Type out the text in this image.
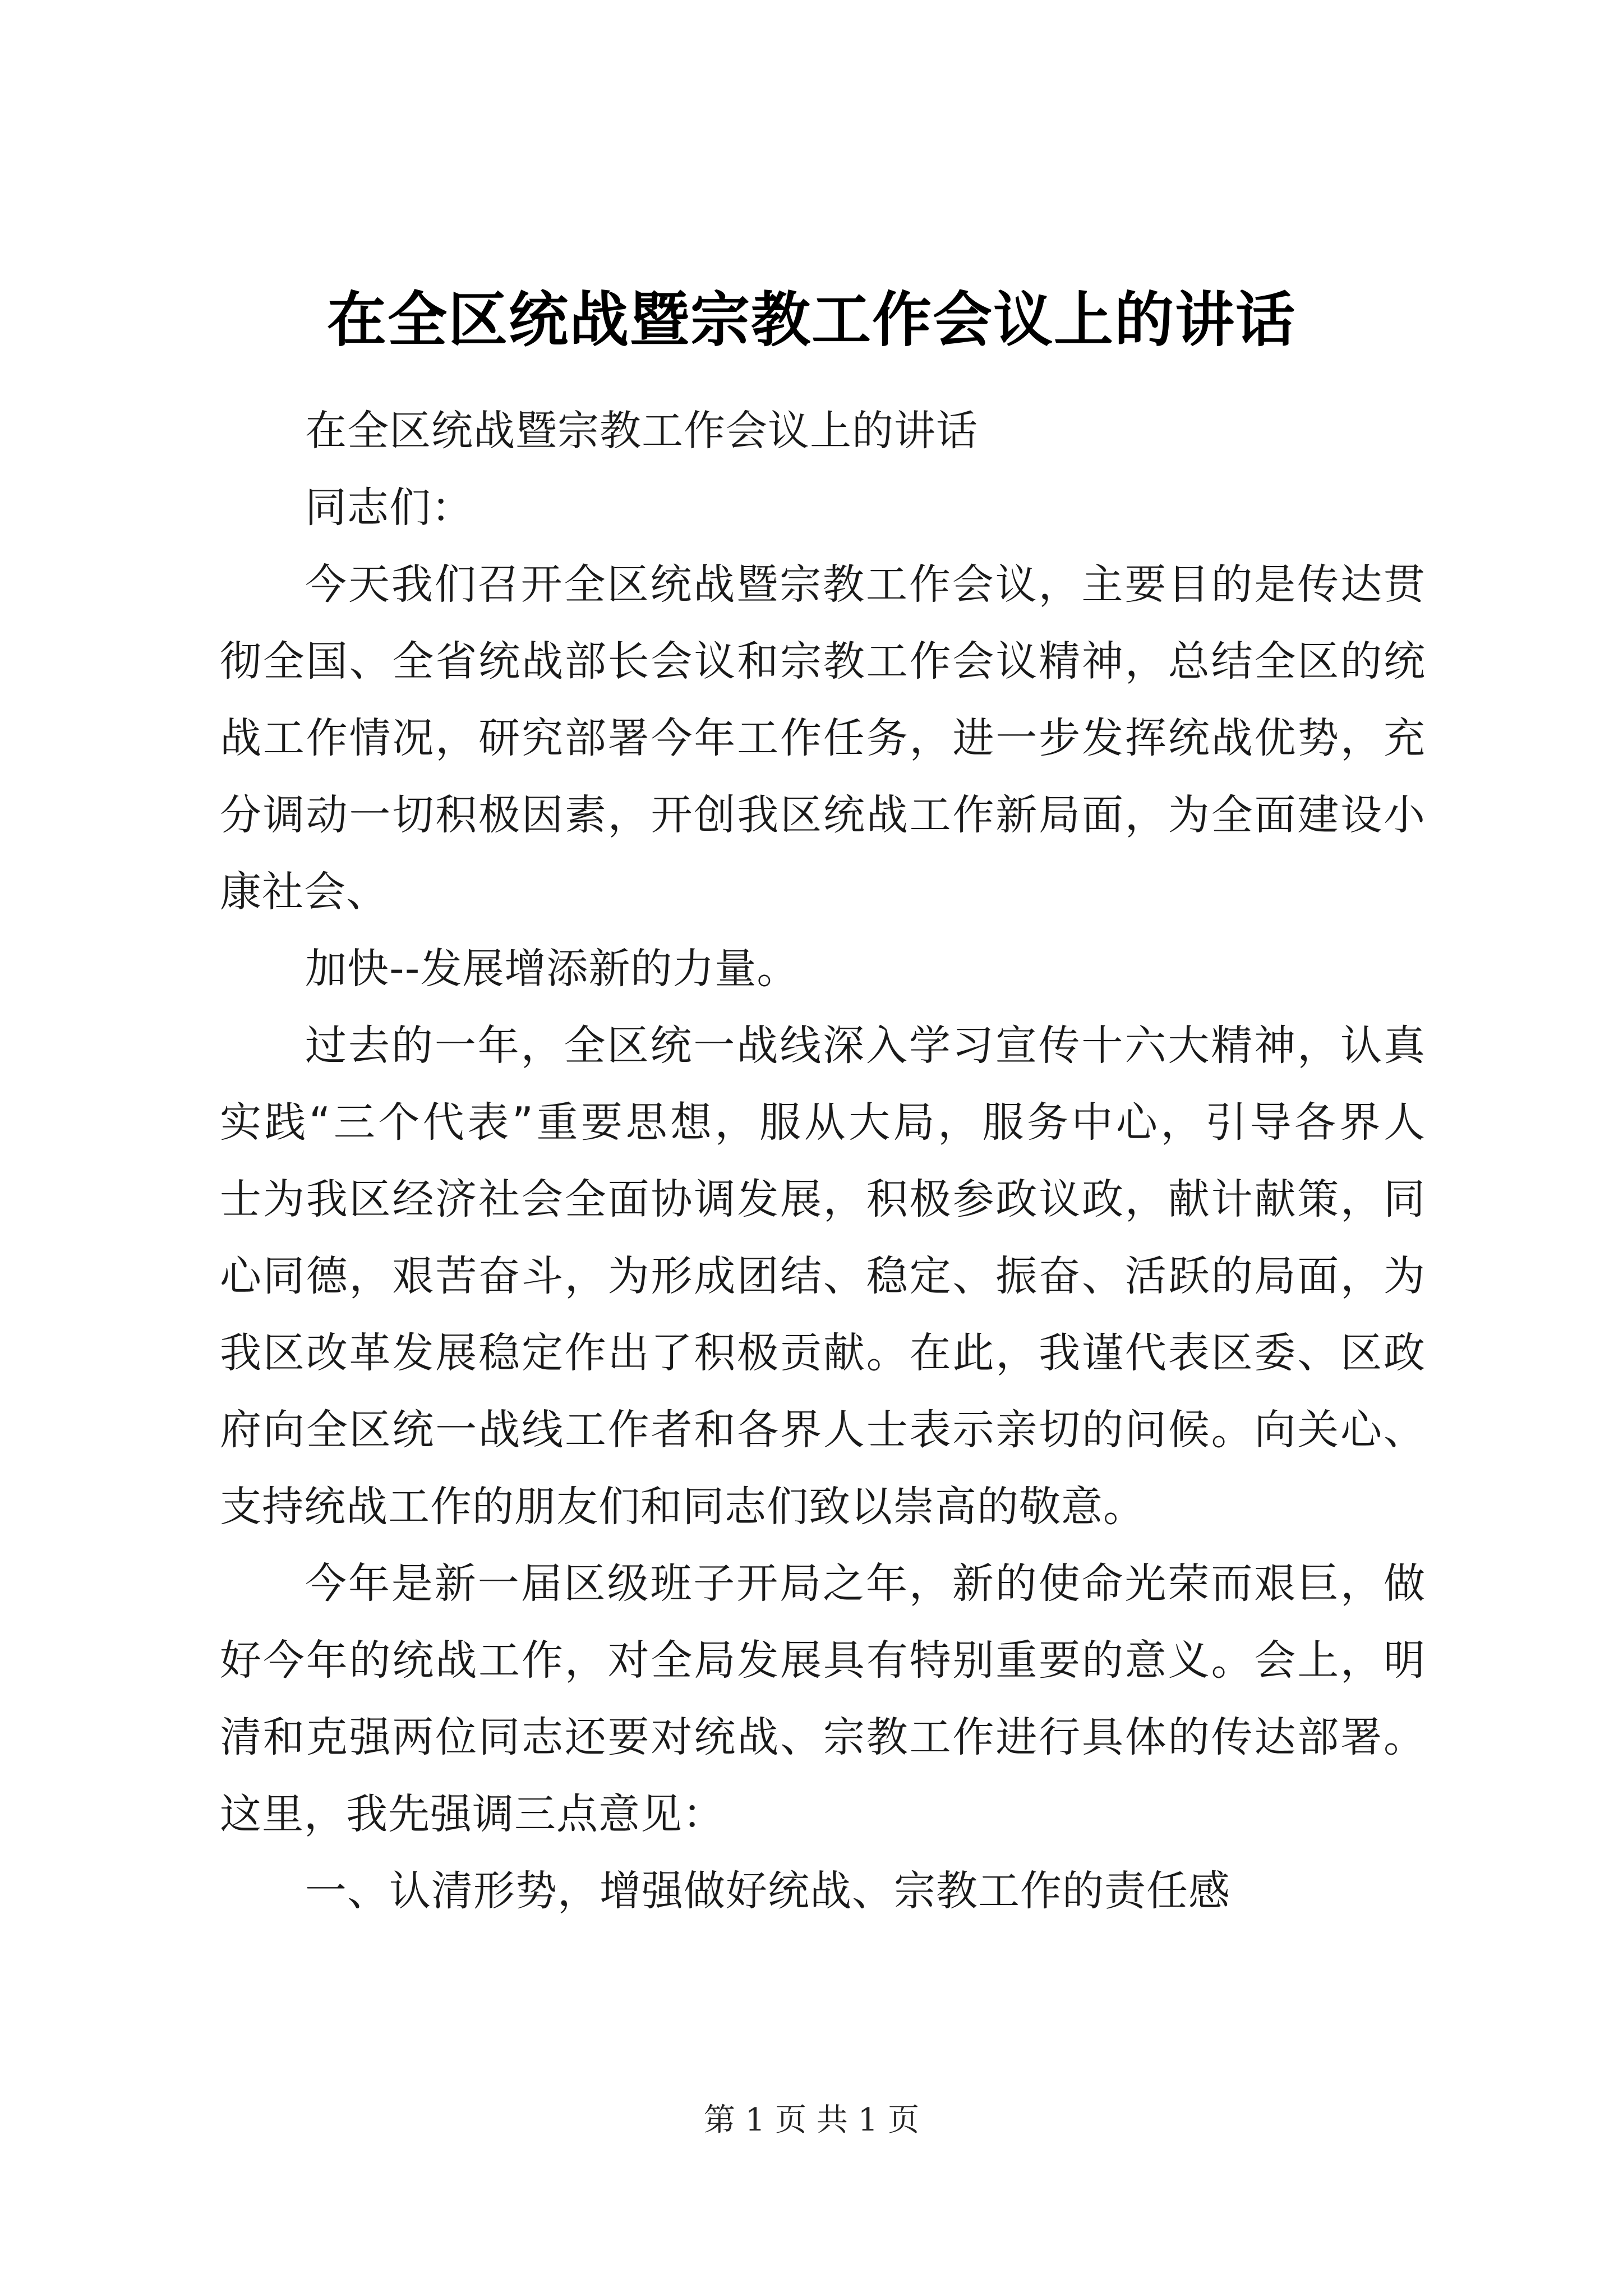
在全区统战暨宗教工作会议上的讲话
在全区统战暨宗教工作会议上的讲话
同志们：
今天我们召开全区统战暨宗教工作会议，主要目的是传达贯
彻全国、全省统战部长会议和宗教工作会议精神，总结全区的统
战工作情况，研究部署今年工作任务，进一步发挥统战优势，充
分调动一切积极因素，开创我区统战工作新局面，为全面建设小
康社会、
加快--发展增添新的力量。
过去的一年，全区统一战线深入学习宣传十六大精神，认真
实践“三个代表”重要思想，服从大局，服务中心，引导各界人
士为我区经济社会全面协调发展，积极参政议政，献计献策，同
心同德，艰苦奋斗，为形成团结、稳定、振奋、活跃的局面，为
我区改革发展稳定作出了积极贡献。在此，我谨代表区委、区政
府向全区统一战线工作者和各界人士表示亲切的问候。向关心、
支持统战工作的朋友们和同志们致以崇高的敬意。
今年是新一届区级班子开局之年，新的使命光荣而艰巨，做
好今年的统战工作，对全局发展具有特别重要的意义。会上，明
清和克强两位同志还要对统战、宗教工作进行具体的传达部署。
这里，我先强调三点意见：
一、认清形势，增强做好统战、宗教工作的责任感
第 1 页 共 1 页
